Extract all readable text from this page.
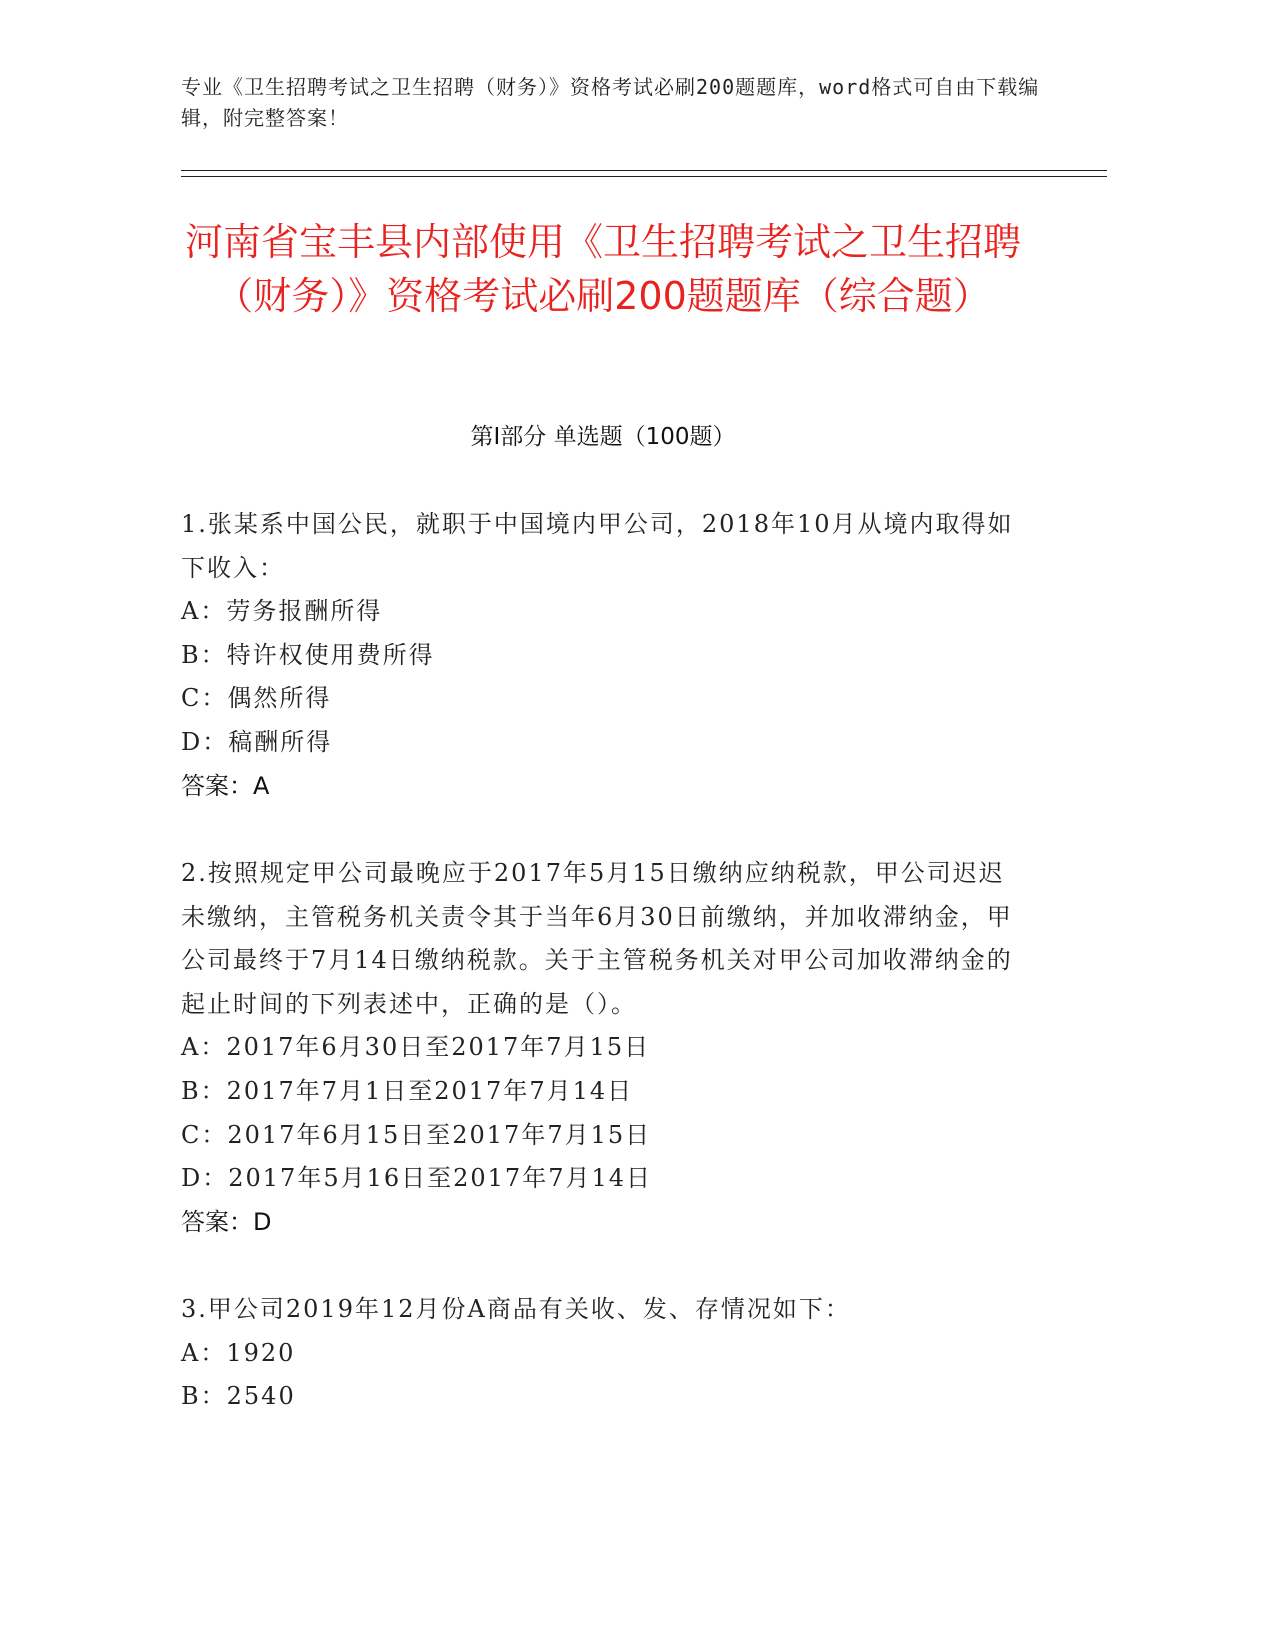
专业《卫生招聘考试之卫生招聘（财务）》资格考试必刷200题题库，word格式可自由下载编辑，附完整答案！
河南省宝丰县内部使用《卫生招聘考试之卫生招聘（财务）》资格考试必刷200题题库（综合题）
第I部分 单选题（100题）
1.张某系中国公民，就职于中国境内甲公司，2018年10月从境内取得如下收入：
A：劳务报酬所得
B：特许权使用费所得
C：偶然所得
D：稿酬所得
答案：A
2.按照规定甲公司最晚应于2017年5月15日缴纳应纳税款，甲公司迟迟未缴纳，主管税务机关责令其于当年6月30日前缴纳，并加收滞纳金，甲公司最终于7月14日缴纳税款。关于主管税务机关对甲公司加收滞纳金的起止时间的下列表述中，正确的是（）。
A：2017年6月30日至2017年7月15日
B：2017年7月1日至2017年7月14日
C：2017年6月15日至2017年7月15日
D：2017年5月16日至2017年7月14日
答案：D
3.甲公司2019年12月份A商品有关收、发、存情况如下：
A：1920
B：2540
